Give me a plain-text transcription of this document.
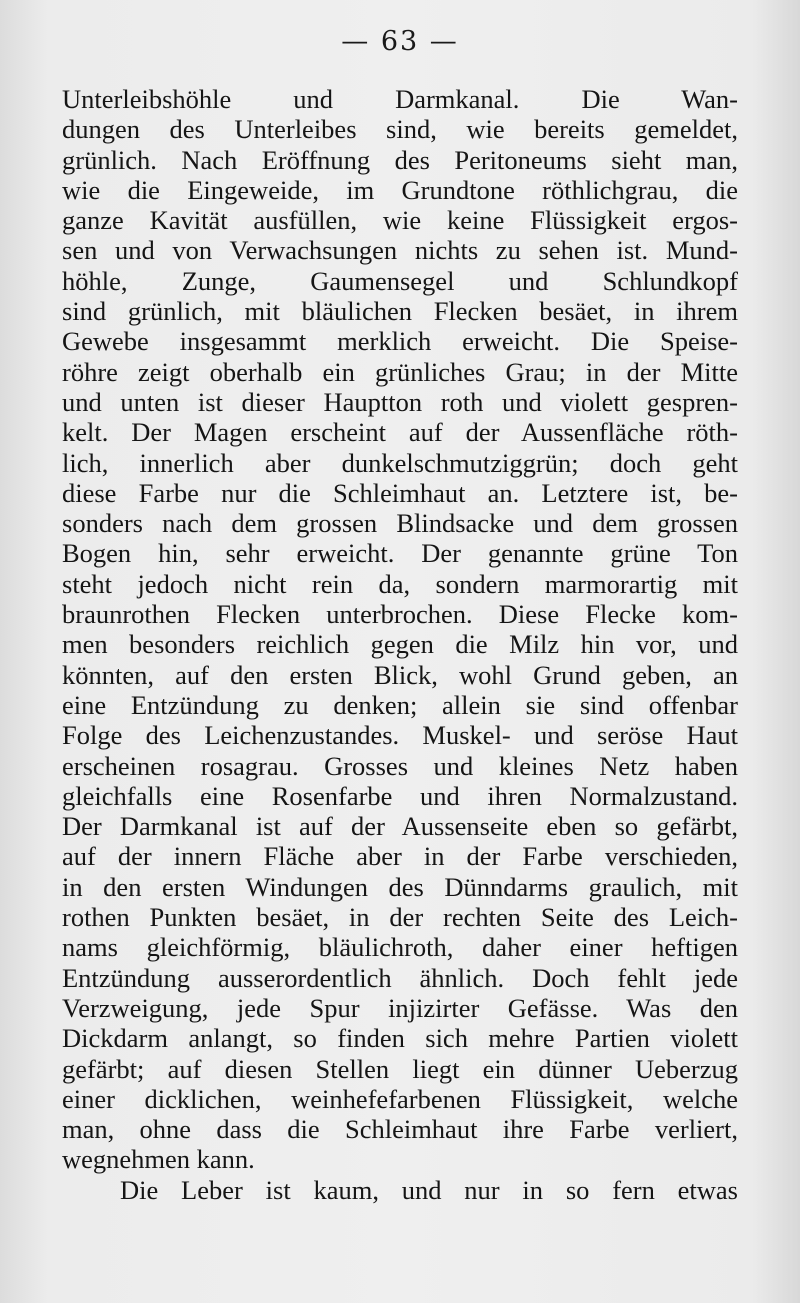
— 63 —
Unterleibshöhle und Darmkanal. Die Wan-
dungen des Unterleibes sind, wie bereits gemeldet,
grünlich. Nach Eröffnung des Peritoneums sieht man,
wie die Eingeweide, im Grundtone röthlichgrau, die
ganze Kavität ausfüllen, wie keine Flüssigkeit ergos-
sen und von Verwachsungen nichts zu sehen ist. Mund-
höhle, Zunge, Gaumensegel und Schlundkopf
sind grünlich, mit bläulichen Flecken besäet, in ihrem
Gewebe insgesammt merklich erweicht. Die Speise-
röhre zeigt oberhalb ein grünliches Grau; in der Mitte
und unten ist dieser Hauptton roth und violett gespren-
kelt. Der Magen erscheint auf der Aussenfläche röth-
lich, innerlich aber dunkelschmutziggrün; doch geht
diese Farbe nur die Schleimhaut an. Letztere ist, be-
sonders nach dem grossen Blindsacke und dem grossen
Bogen hin, sehr erweicht. Der genannte grüne Ton
steht jedoch nicht rein da, sondern marmorartig mit
braunrothen Flecken unterbrochen. Diese Flecke kom-
men besonders reichlich gegen die Milz hin vor, und
könnten, auf den ersten Blick, wohl Grund geben, an
eine Entzündung zu denken; allein sie sind offenbar
Folge des Leichenzustandes. Muskel- und seröse Haut
erscheinen rosagrau. Grosses und kleines Netz haben
gleichfalls eine Rosenfarbe und ihren Normalzustand.
Der Darmkanal ist auf der Aussenseite eben so gefärbt,
auf der innern Fläche aber in der Farbe verschieden,
in den ersten Windungen des Dünndarms graulich, mit
rothen Punkten besäet, in der rechten Seite des Leich-
nams gleichförmig, bläulichroth, daher einer heftigen
Entzündung ausserordentlich ähnlich. Doch fehlt jede
Verzweigung, jede Spur injizirter Gefässe. Was den
Dickdarm anlangt, so finden sich mehre Partien violett
gefärbt; auf diesen Stellen liegt ein dünner Ueberzug
einer dicklichen, weinhefefarbenen Flüssigkeit, welche
man, ohne dass die Schleimhaut ihre Farbe verliert,
wegnehmen kann.
Die Leber ist kaum, und nur in so fern etwas
